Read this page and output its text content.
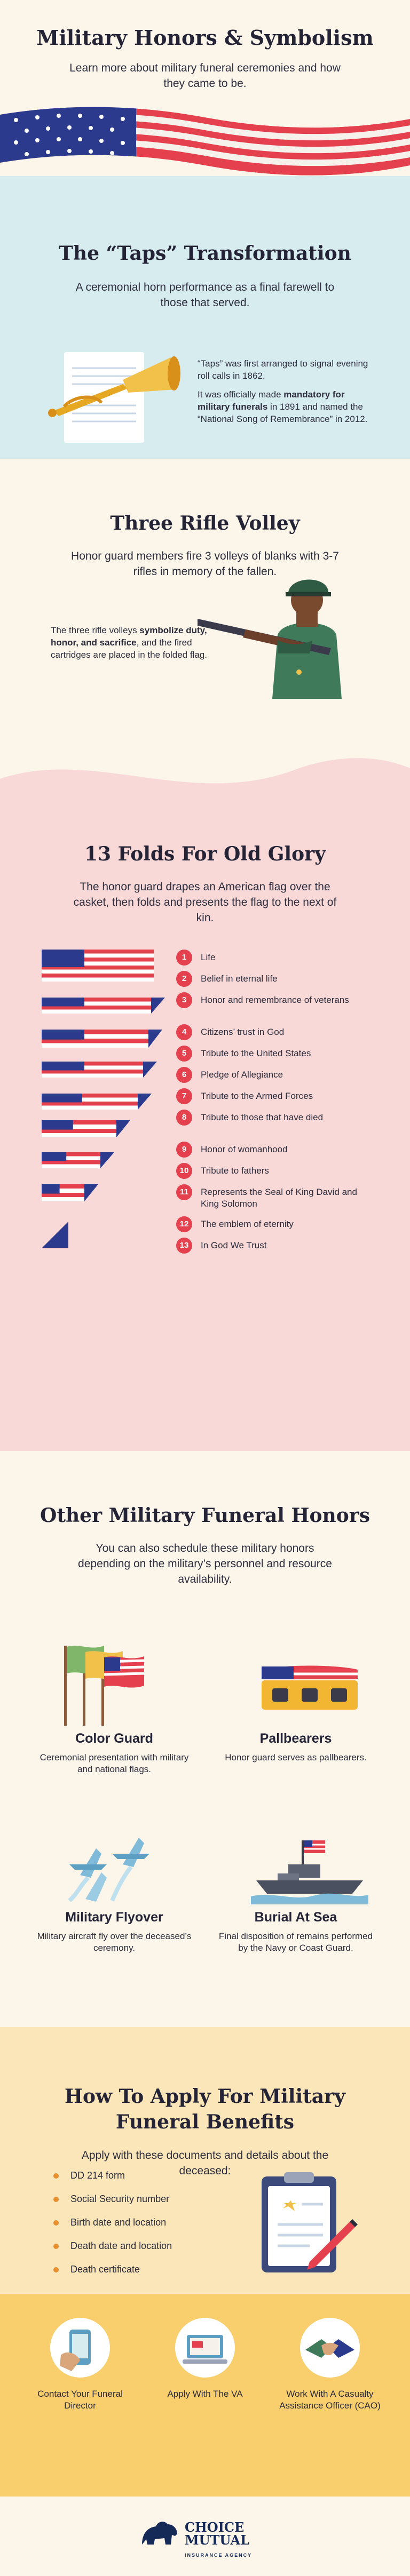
Military Honors & Symbolism

Learn more about military funeral ceremonies and how they came to be.

The “Taps” Transformation

A ceremonial horn performance as a final farewell to those that served.

“Taps” was first arranged to signal evening roll calls in 1862.

It was officially made mandatory for military funerals in 1891 and named the “National Song of Remembrance” in 2012.

Three Rifle Volley

Honor guard members fire 3 volleys of blanks with 3-7 rifles in memory of the fallen.

The three rifle volleys symbolize duty, honor, and sacrifice, and the fired cartridges are placed in the folded flag.

13 Folds For Old Glory

The honor guard drapes an American flag over the casket, then folds and presents the flag to the next of kin.

1	Life
2	Belief in eternal life
3	Honor and remembrance of veterans
4	Citizens’ trust in God
5	Tribute to the United States
6	Pledge of Allegiance
7	Tribute to the Armed Forces
8	Tribute to those that have died
9	Honor of womanhood
10	Tribute to fathers
11	Represents the Seal of King David and King Solomon
12	The emblem of eternity
13	In God We Trust
Other Military Funeral Honors

You can also schedule these military honors depending on the military’s personnel and resource availability.

Color Guard

Ceremonial presentation with military and national flags.

Pallbearers

Honor guard serves as pallbearers.

Military Flyover

Military aircraft fly over the deceased’s ceremony.

Burial At Sea

Final disposition of remains performed by the Navy or Coast Guard.

How To Apply For Military Funeral Benefits

Apply with these documents and details about the deceased:

DD 214 form
Social Security number
Birth date and location
Death date and location
Death certificate
Contact Your Funeral Director
Apply With The VA	Work With A Casualty Assistance Officer (CAO)
CHOICE
MUTUAL
INSURANCE AGENCY
